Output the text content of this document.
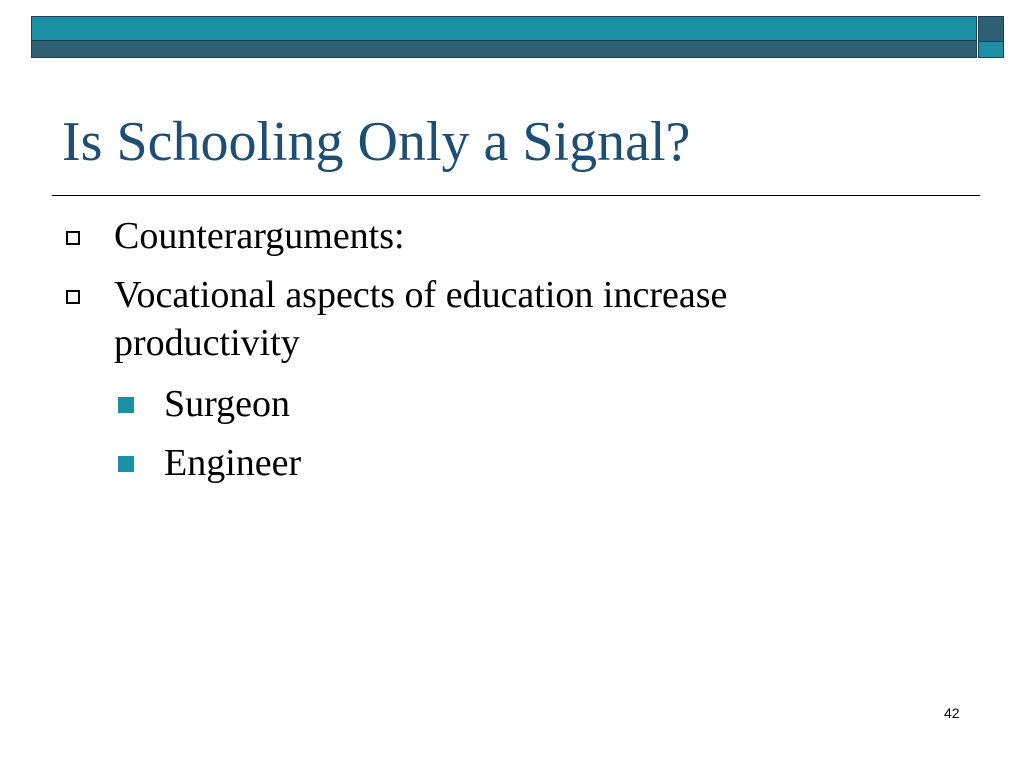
Is Schooling Only a Signal?
Counterarguments:
Vocational aspects of education increase productivity
Surgeon
Engineer
42
